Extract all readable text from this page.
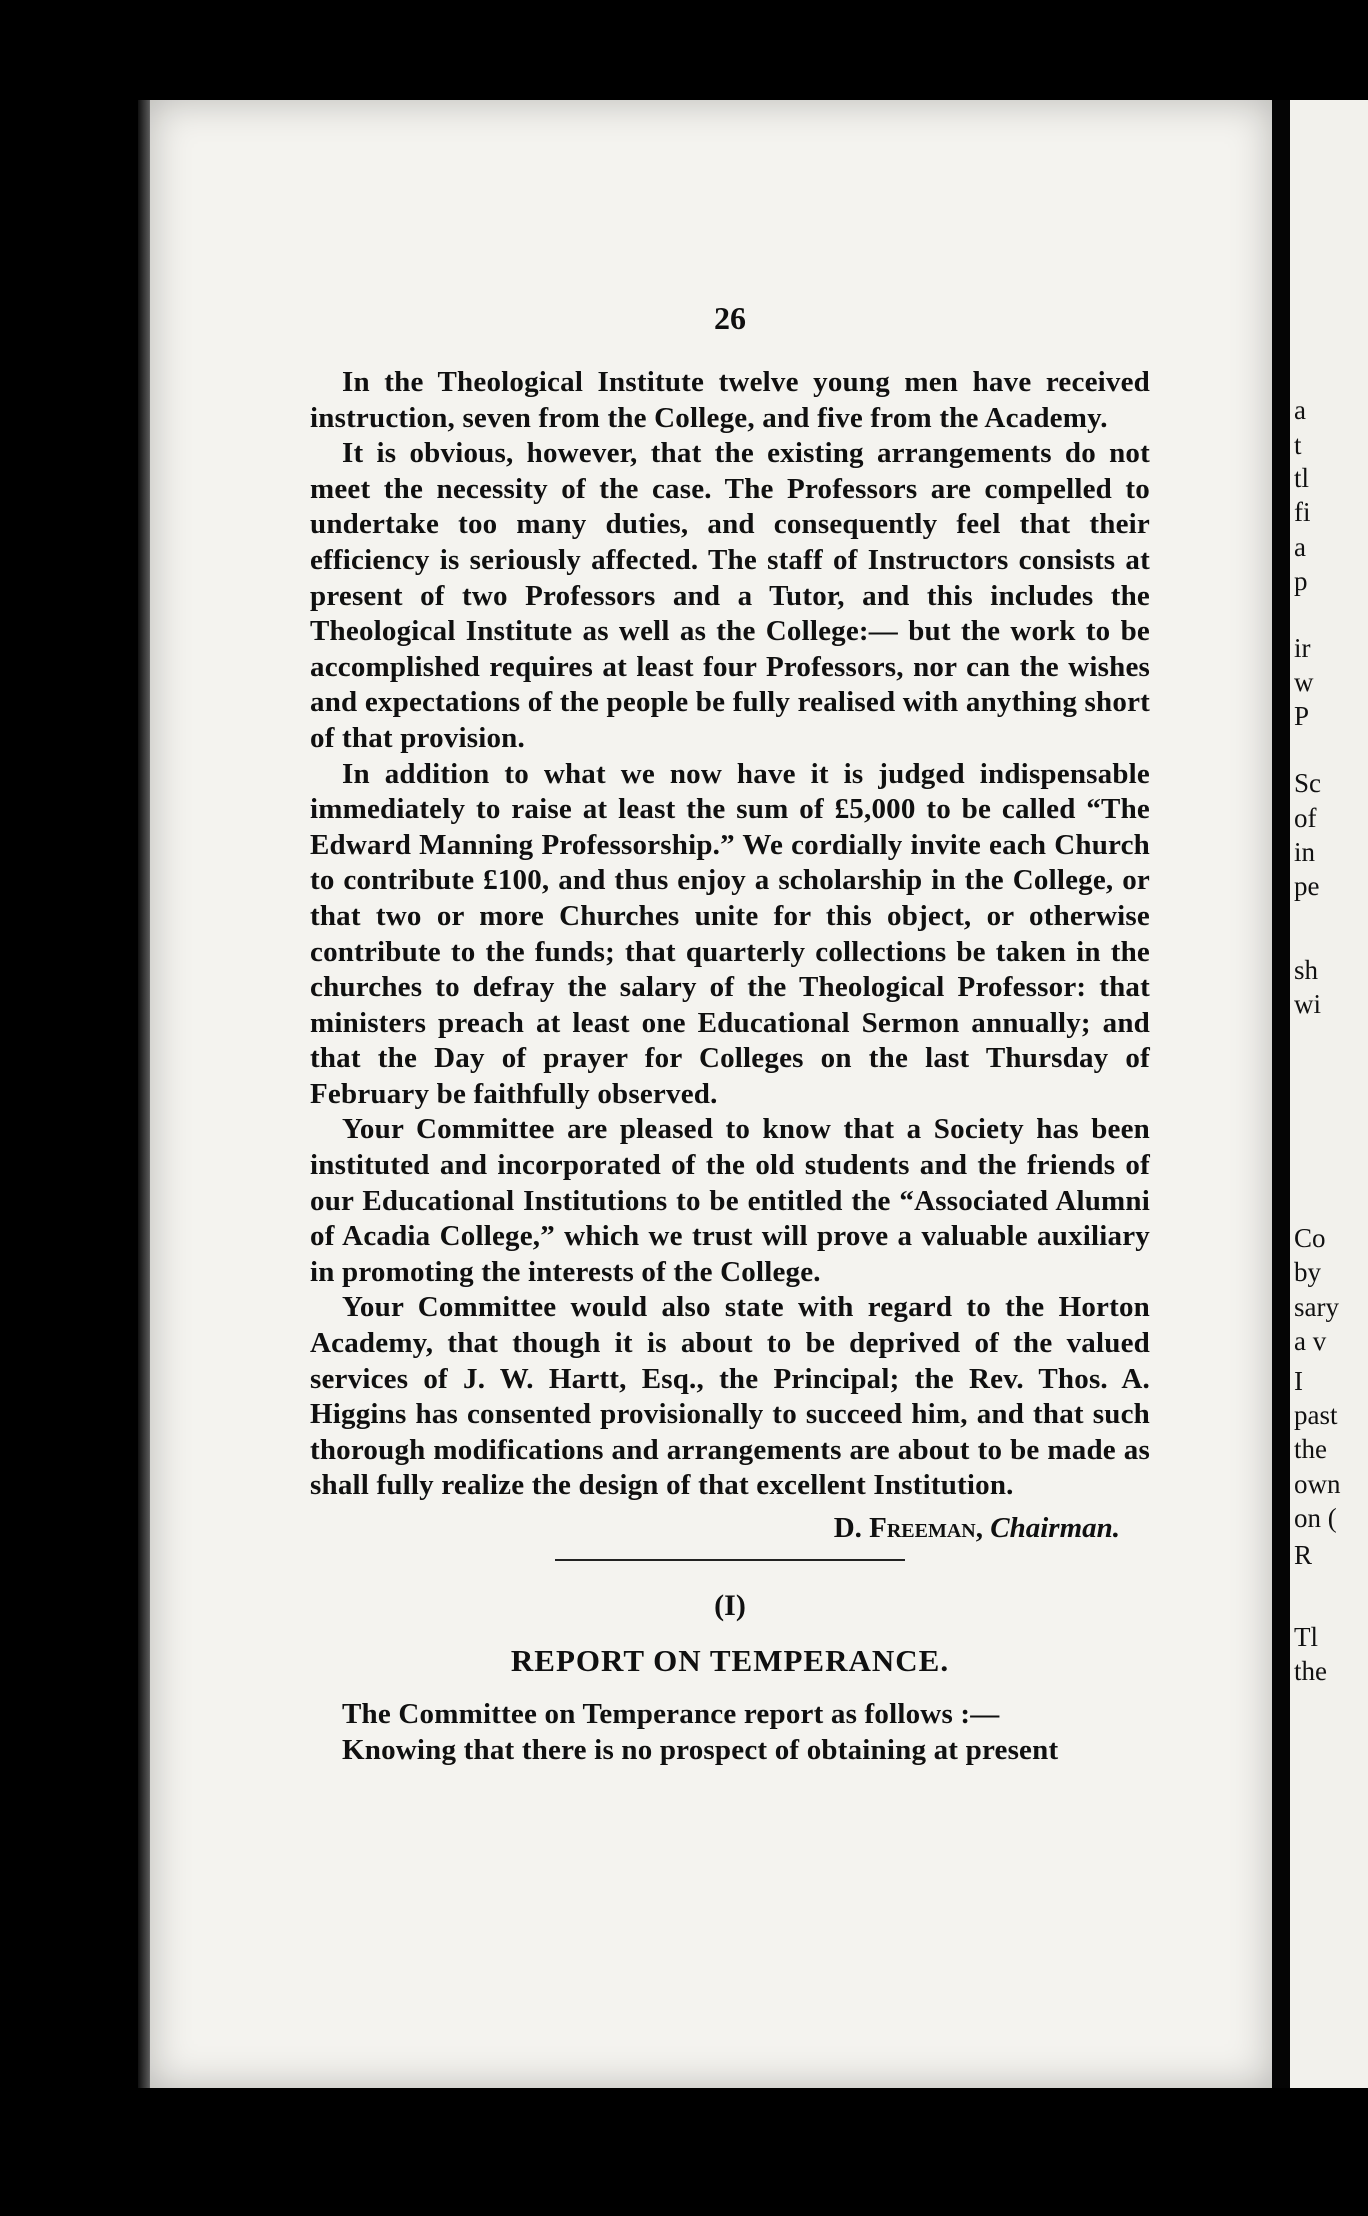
a
t
tl
fi
a
p
ir
w
P
Sc
of
in
pe
sh
wi
Co
by
sary
a v
I
past
the
own
on (
R
Tl
the
26

In the Theological Institute twelve young men have received instruction, seven from the College, and five from the Academy.

It is obvious, however, that the existing arrangements do not meet the necessity of the case. The Professors are compelled to undertake too many duties, and consequently feel that their efficiency is seriously affected. The staff of Instructors consists at present of two Professors and a Tutor, and this includes the Theological Institute as well as the College:— but the work to be accomplished requires at least four Professors, nor can the wishes and expectations of the people be fully realised with anything short of that provision.

In addition to what we now have it is judged indispensable immediately to raise at least the sum of £5,000 to be called “The Edward Manning Professorship.” We cordially invite each Church to contribute £100, and thus enjoy a scholarship in the College, or that two or more Churches unite for this object, or otherwise contribute to the funds; that quarterly collections be taken in the churches to defray the salary of the Theological Professor: that ministers preach at least one Educational Sermon annually; and that the Day of prayer for Colleges on the last Thursday of February be faithfully observed.

Your Committee are pleased to know that a Society has been instituted and incorporated of the old students and the friends of our Educational Institutions to be entitled the “Associated Alumni of Acadia College,” which we trust will prove a valuable auxiliary in promoting the interests of the College.

Your Committee would also state with regard to the Horton Academy, that though it is about to be deprived of the valued services of J. W. Hartt, Esq., the Principal; the Rev. Thos. A. Higgins has consented provisionally to succeed him, and that such thorough modifications and arrangements are about to be made as shall fully realize the design of that excellent Institution.

D. Freeman, Chairman.
(I)
REPORT ON TEMPERANCE.

The Committee on Temperance report as follows :—

Knowing that there is no prospect of obtaining at present
